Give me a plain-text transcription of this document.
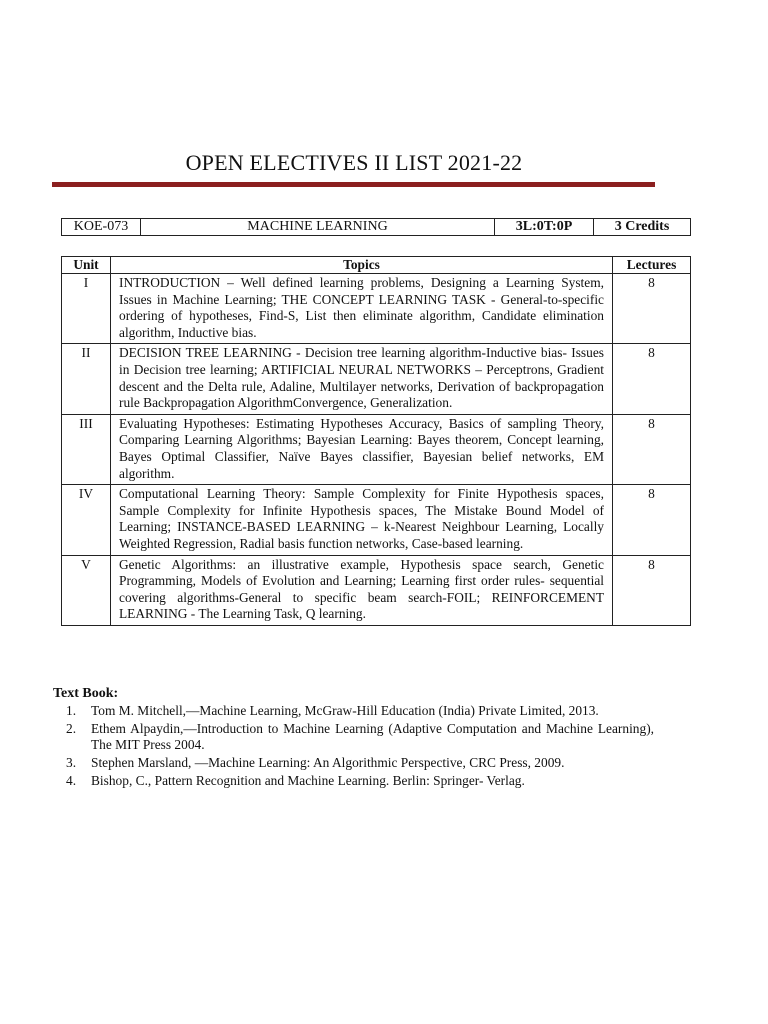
OPEN ELECTIVES II LIST 2021-22
KOE-073	MACHINE LEARNING	3L:0T:0P	3 Credits
Unit	Topics	Lectures
I	INTRODUCTION – Well defined learning problems, Designing a Learning System, Issues in Machine Learning; THE CONCEPT LEARNING TASK - General-to-specific ordering of hypotheses, Find-S, List then eliminate algorithm, Candidate elimination algorithm, Inductive bias.	8
II	DECISION TREE LEARNING - Decision tree learning algorithm-Inductive bias- Issues in Decision tree learning; ARTIFICIAL NEURAL NETWORKS – Perceptrons, Gradient descent and the Delta rule, Adaline, Multilayer networks, Derivation of backpropagation rule Backpropagation AlgorithmConvergence, Generalization.	8
III	Evaluating Hypotheses: Estimating Hypotheses Accuracy, Basics of sampling Theory, Comparing Learning Algorithms; Bayesian Learning: Bayes theorem, Concept learning, Bayes Optimal Classifier, Naïve Bayes classifier, Bayesian belief networks, EM algorithm.	8
IV	Computational Learning Theory: Sample Complexity for Finite Hypothesis spaces, Sample Complexity for Infinite Hypothesis spaces, The Mistake Bound Model of Learning; INSTANCE-BASED LEARNING – k-Nearest Neighbour Learning, Locally Weighted Regression, Radial basis function networks, Case-based learning.	8
V	Genetic Algorithms: an illustrative example, Hypothesis space search, Genetic Programming, Models of Evolution and Learning; Learning first order rules- sequential covering algorithms-General to specific beam search-FOIL; REINFORCEMENT LEARNING - The Learning Task, Q learning.	8
Text Book:
1. Tom M. Mitchell,—Machine Learning, McGraw-Hill Education (India) Private Limited, 2013.
2. Ethem Alpaydin,—Introduction to Machine Learning (Adaptive Computation and Machine Learning), The MIT Press 2004.
3. Stephen Marsland, —Machine Learning: An Algorithmic Perspective, CRC Press, 2009.
4. Bishop, C., Pattern Recognition and Machine Learning. Berlin: Springer- Verlag.
